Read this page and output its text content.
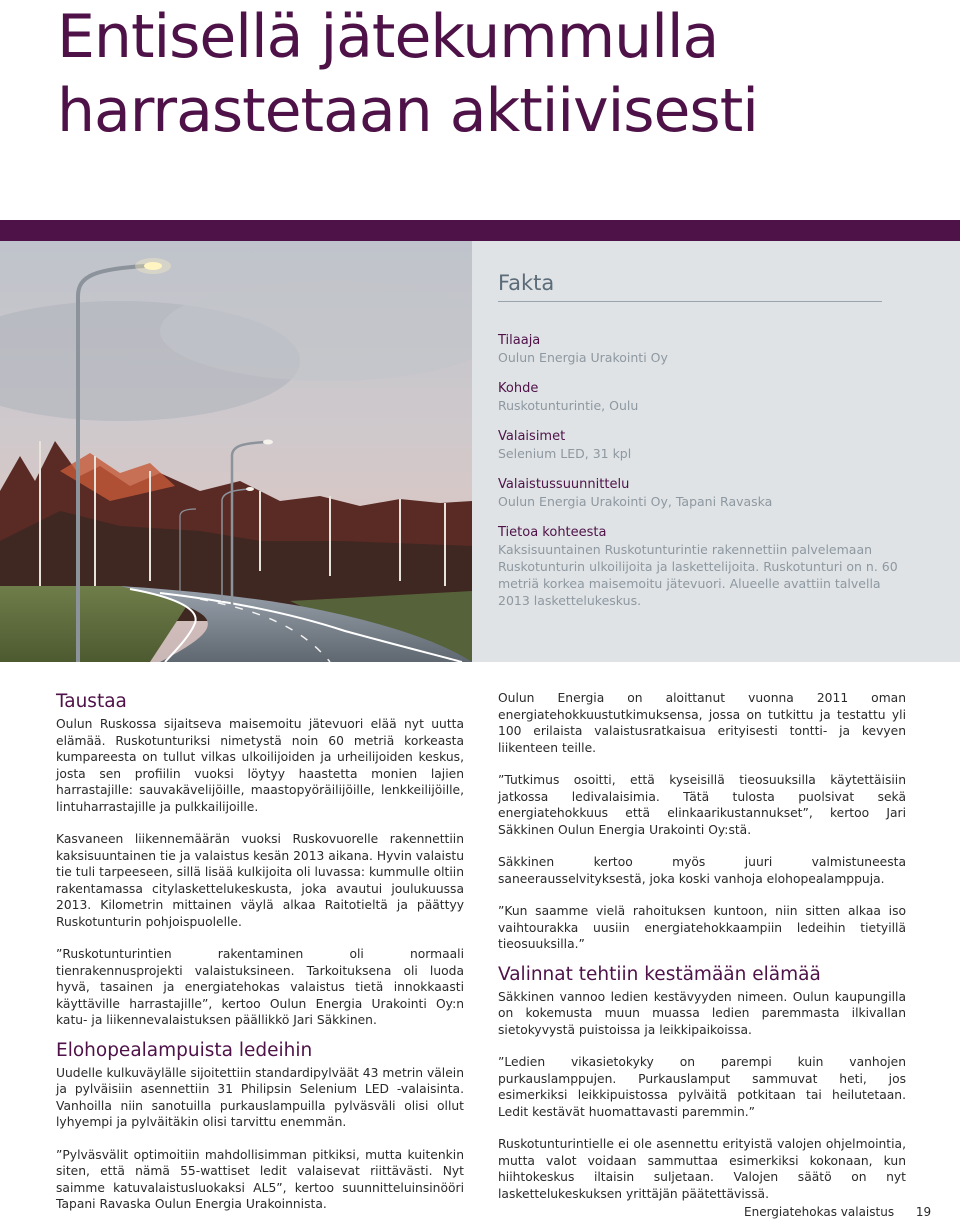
Entisellä jätekummulla
harrastetaan aktiivisesti
Fakta
Tilaaja
Oulun Energia Urakointi Oy
Kohde
Ruskotunturintie, Oulu
Valaisimet
Selenium LED, 31 kpl
Valaistussuunnittelu
Oulun Energia Urakointi Oy, Tapani Ravaska
Tietoa kohteesta
Kaksisuuntainen Ruskotunturintie rakennettiin palvelemaan Ruskotunturin ulkoilijoita ja laskettelijoita. Ruskotunturi on n. 60 metriä korkea maisemoitu jätevuori. Alueelle avattiin talvella 2013 laskettelukeskus.
Taustaa

Oulun Ruskossa sijaitseva maisemoitu jätevuori elää nyt uutta elämää. Ruskotunturiksi nimetystä noin 60 metriä korkeasta kumpareesta on tullut vilkas ulkoilijoiden ja urheilijoiden keskus, josta sen profiilin vuoksi löytyy haastetta monien lajien harrastajille: sauvakävelijöille, maastopyöräilijöille, lenkkeilijöille, lintuharrastajille ja pulkkailijoille.

Kasvaneen liikennemäärän vuoksi Ruskovuorelle rakennettiin kaksisuuntainen tie ja valaistus kesän 2013 aikana. Hyvin valaistu tie tuli tarpeeseen, sillä lisää kulkijoita oli luvassa: kummulle oltiin rakentamassa citylaskettelukeskusta, joka avautui joulukuussa 2013. Kilometrin mittainen väylä alkaa Raitotieltä ja päättyy Ruskotunturin pohjoispuolelle.

”Ruskotunturintien rakentaminen oli normaali tienrakennusprojekti valaistuksineen. Tarkoituksena oli luoda hyvä, tasainen ja energiatehokas valaistus tietä innokkaasti käyttäville harrastajille”, kertoo Oulun Energia Urakointi Oy:n katu- ja liikennevalaistuksen päällikkö Jari Säkkinen.

Elohopealampuista ledeihin

Uudelle kulkuväylälle sijoitettiin standardipylväät 43 metrin välein ja pylväisiin asennettiin 31 Philipsin Selenium LED -valaisinta. Vanhoilla niin sanotuilla purkauslampuilla pylväsväli olisi ollut lyhyempi ja pylväitäkin olisi tarvittu enemmän.

”Pylväsvälit optimoitiin mahdollisimman pitkiksi, mutta kuitenkin siten, että nämä 55-wattiset ledit valaisevat riittävästi. Nyt saimme katuvalaistusluokaksi AL5”, kertoo suunnitteluinsinööri Tapani Ravaska Oulun Energia Urakoinnista.

Oulun Energia on aloittanut vuonna 2011 oman energiatehokkuustutkimuksensa, jossa on tutkittu ja testattu yli 100 erilaista valaistusratkaisua erityisesti tontti- ja kevyen liikenteen teille.

”Tutkimus osoitti, että kyseisillä tieosuuksilla käytettäisiin jatkossa ledivalaisimia. Tätä tulosta puolsivat sekä energiatehokkuus että elinkaarikustannukset”, kertoo Jari Säkkinen Oulun Energia Urakointi Oy:stä.

Säkkinen kertoo myös juuri valmistuneesta saneerausselvityksestä, joka koski vanhoja elohopealamppuja.

”Kun saamme vielä rahoituksen kuntoon, niin sitten alkaa iso vaihtourakka uusiin energiatehokkaampiin ledeihin tietyillä tieosuuksilla.”

Valinnat tehtiin kestämään elämää

Säkkinen vannoo ledien kestävyyden nimeen. Oulun kaupungilla on kokemusta muun muassa ledien paremmasta ilkivallan sietokyvystä puistoissa ja leikkipaikoissa.

”Ledien vikasietokyky on parempi kuin vanhojen purkauslamppujen. Purkauslamput sammuvat heti, jos esimerkiksi leikkipuistossa pylväitä potkitaan tai heilutetaan. Ledit kestävät huomattavasti paremmin.”

Ruskotunturintielle ei ole asennettu erityistä valojen ohjelmointia, mutta valot voidaan sammuttaa esimerkiksi kokonaan, kun hiihtokeskus iltaisin suljetaan. Valojen säätö on nyt laskettelukeskuksen yrittäjän päätettävissä.

Energiatehokas valaistus 19
